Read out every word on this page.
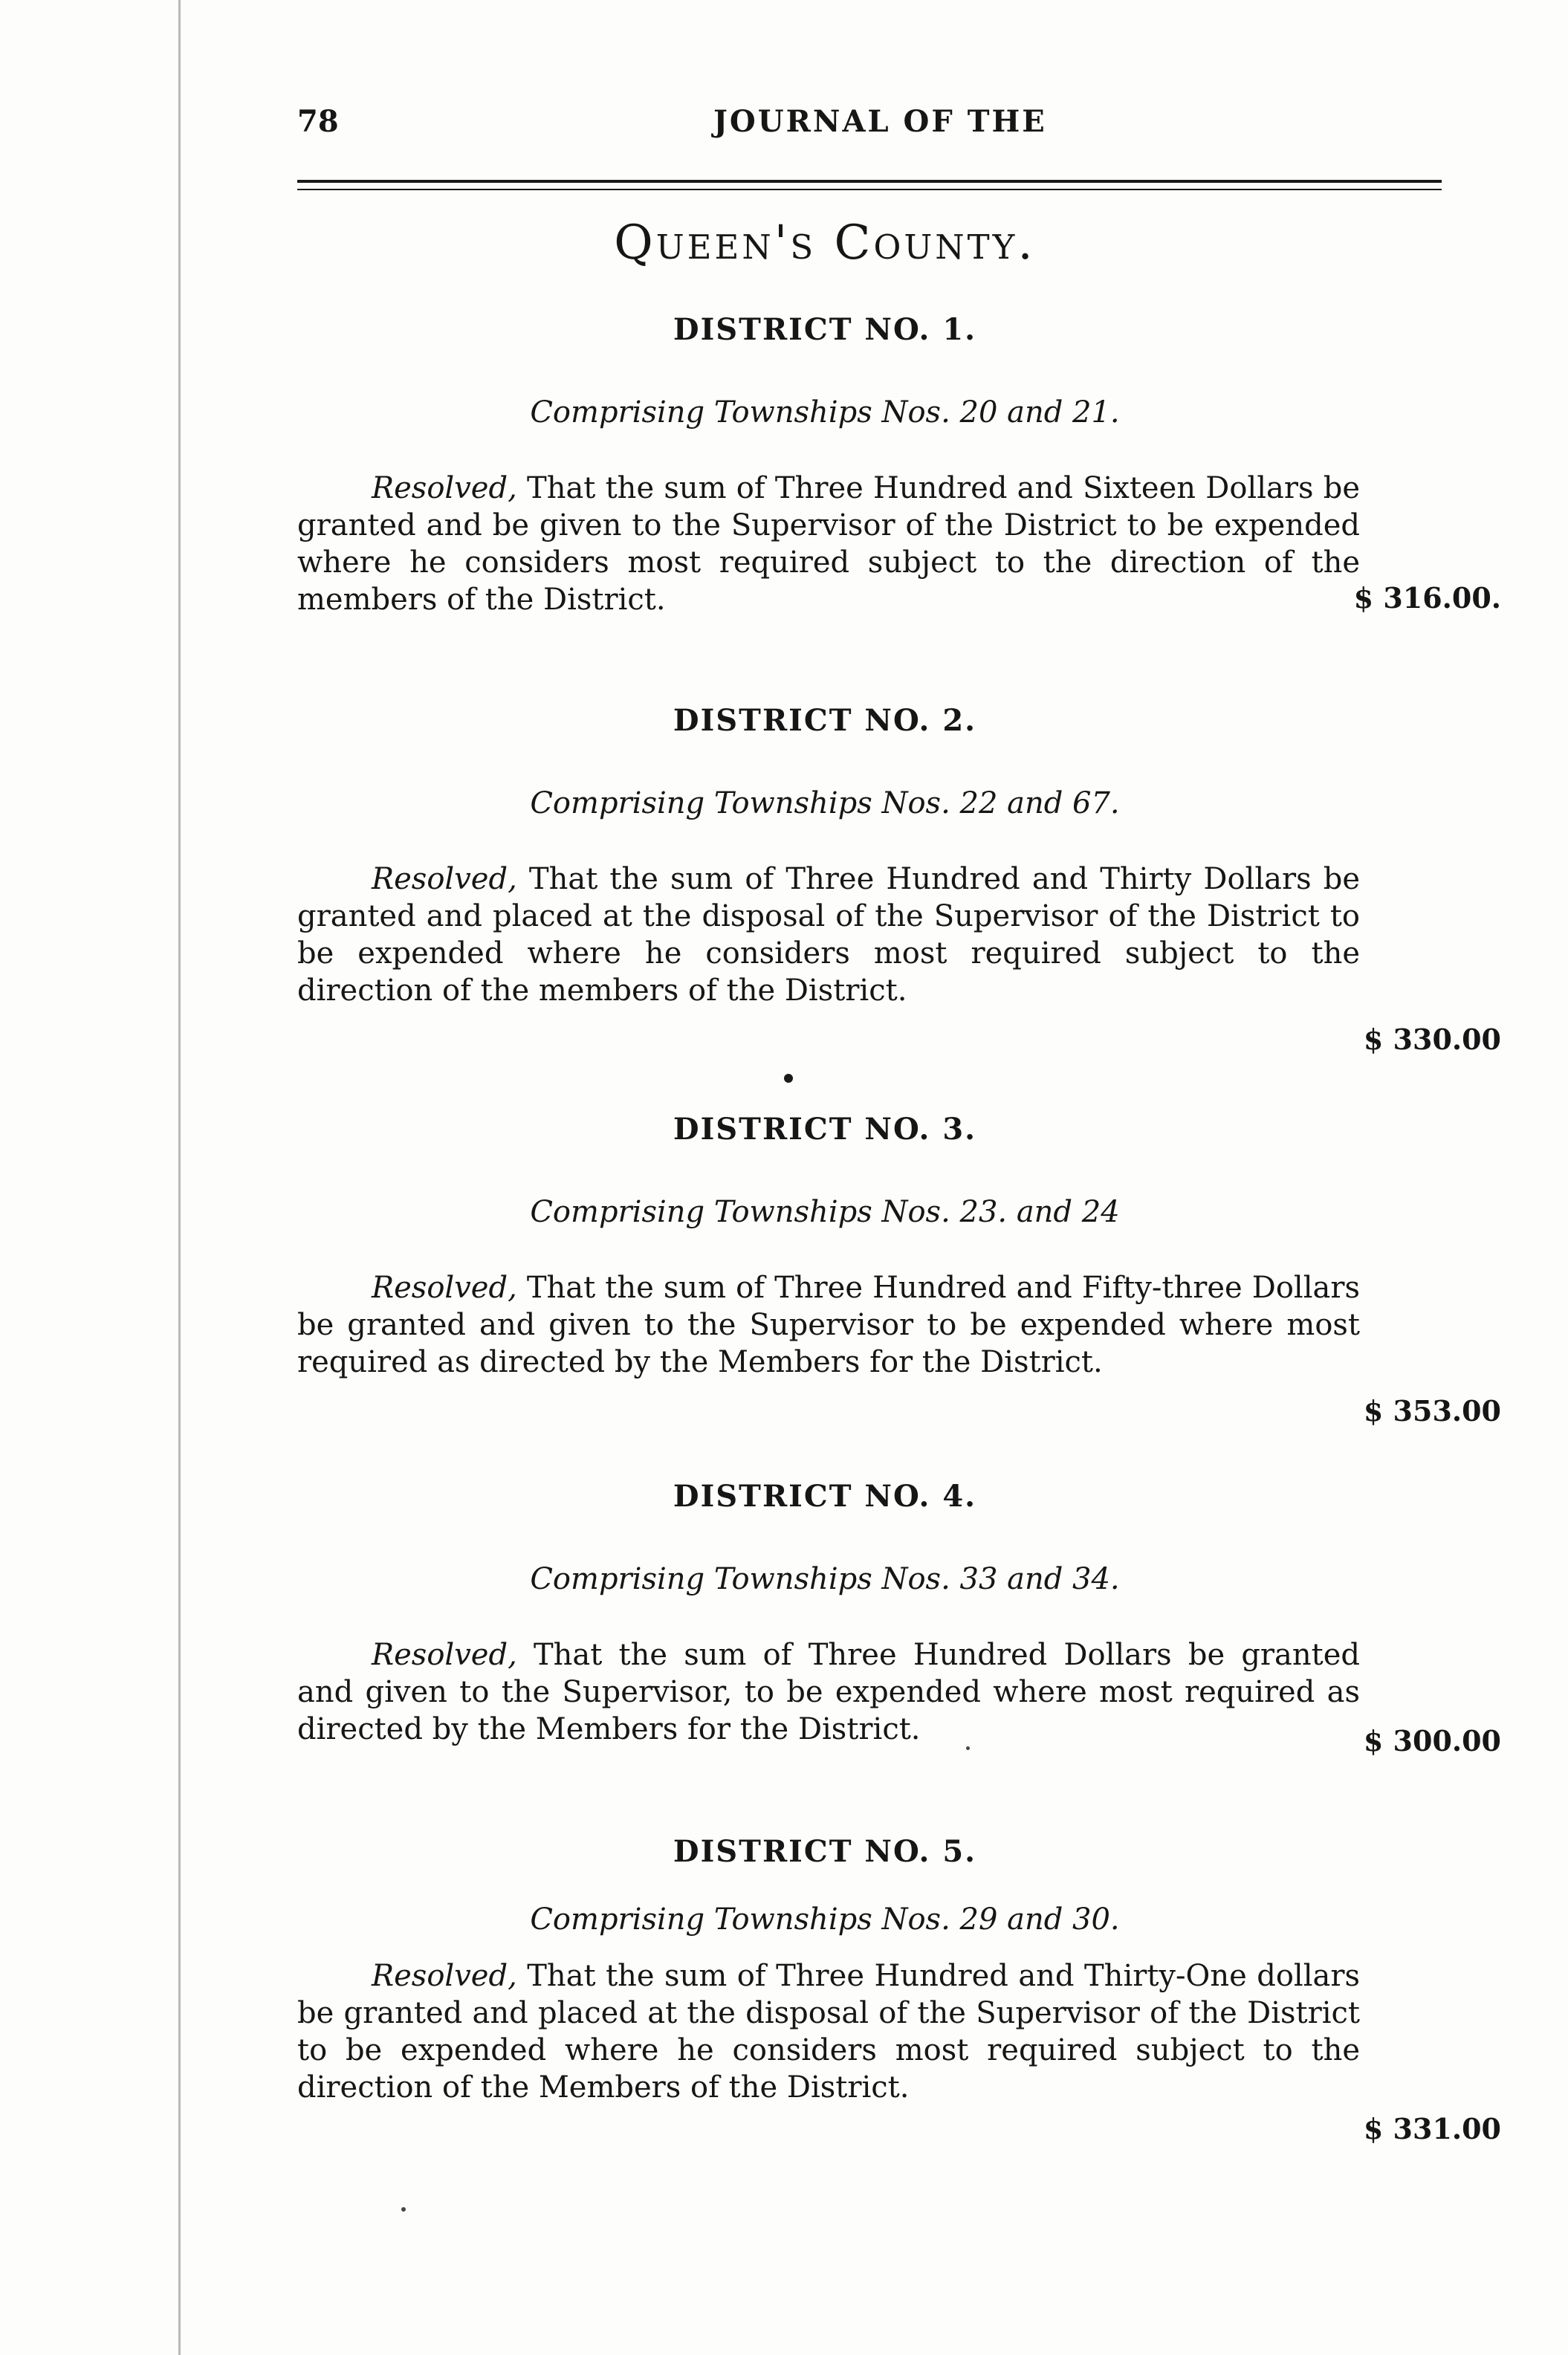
78	JOURNAL OF THE
Queen's County.
DISTRICT NO. 1.
Comprising Townships Nos. 20 and 21.

Resolved, That the sum of Three Hundred and Sixteen Dollars be granted and be given to the Supervisor of the District to be expended where he considers most required subject to the direction of the members of the District.	$ 316.00.
DISTRICT NO. 2.
Comprising Townships Nos. 22 and 67.

Resolved, That the sum of Three Hundred and Thirty Dollars be granted and placed at the disposal of the Supervisor of the District to be expended where he considers most required subject to the direction of the members of the District.

$ 330.00
DISTRICT NO. 3.
Comprising Townships Nos. 23. and 24

Resolved, That the sum of Three Hundred and Fifty-three Dollars be granted and given to the Supervisor to be expended where most required as directed by the Members for the District.

$ 353.00
DISTRICT NO. 4.
Comprising Townships Nos. 33 and 34.

Resolved, That the sum of Three Hundred Dollars be granted and given to the Supervisor, to be expended where most required as directed by the Members for the District.	$ 300.00
DISTRICT NO. 5.
Comprising Townships Nos. 29 and 30.

Resolved, That the sum of Three Hundred and Thirty-One dollars be granted and placed at the disposal of the Supervisor of the District to be expended where he considers most required subject to the direction of the Members of the District.

$ 331.00
